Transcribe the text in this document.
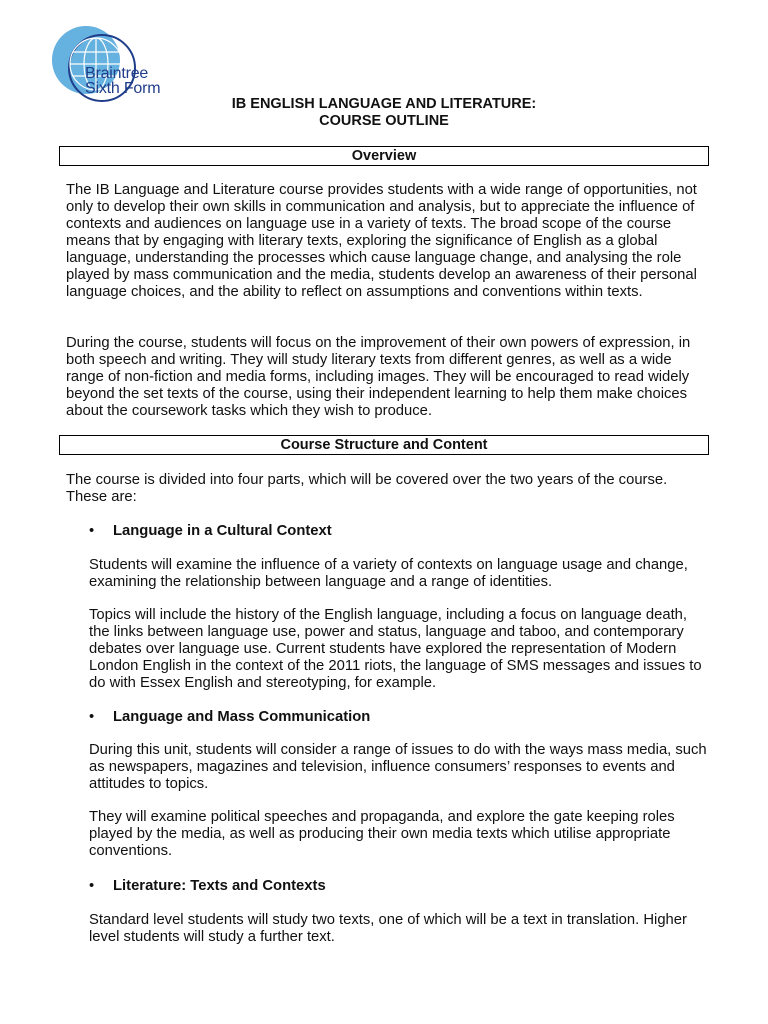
Braintree
Sixth Form
IB ENGLISH LANGUAGE AND LITERATURE:
COURSE OUTLINE
Overview

The IB Language and Literature course provides students with a wide range of opportunities, not only to develop their own skills in communication and analysis, but to appreciate the influence of contexts and audiences on language use in a variety of texts. The broad scope of the course means that by engaging with literary texts, exploring the significance of English as a global language, understanding the processes which cause language change, and analysing the role played by mass communication and the media, students develop an awareness of their personal language choices, and the ability to reflect on assumptions and conventions within texts.

During the course, students will focus on the improvement of their own powers of expression, in both speech and writing. They will study literary texts from different genres, as well as a wide range of non-fiction and media forms, including images. They will be encouraged to read widely beyond the set texts of the course, using their independent learning to help them make choices about the coursework tasks which they wish to produce.

Course Structure and Content

The course is divided into four parts, which will be covered over the two years of the course. These are:

• Language in a Cultural Context

Students will examine the influence of a variety of contexts on language usage and change, examining the relationship between language and a range of identities.

Topics will include the history of the English language, including a focus on language death, the links between language use, power and status, language and taboo, and contemporary debates over language use. Current students have explored the representation of Modern London English in the context of the 2011 riots, the language of SMS messages and issues to do with Essex English and stereotyping, for example.

• Language and Mass Communication

During this unit, students will consider a range of issues to do with the ways mass media, such as newspapers, magazines and television, influence consumers’ responses to events and attitudes to topics.

They will examine political speeches and propaganda, and explore the gate keeping roles played by the media, as well as producing their own media texts which utilise appropriate conventions.

• Literature: Texts and Contexts

Standard level students will study two texts, one of which will be a text in translation. Higher level students will study a further text.
